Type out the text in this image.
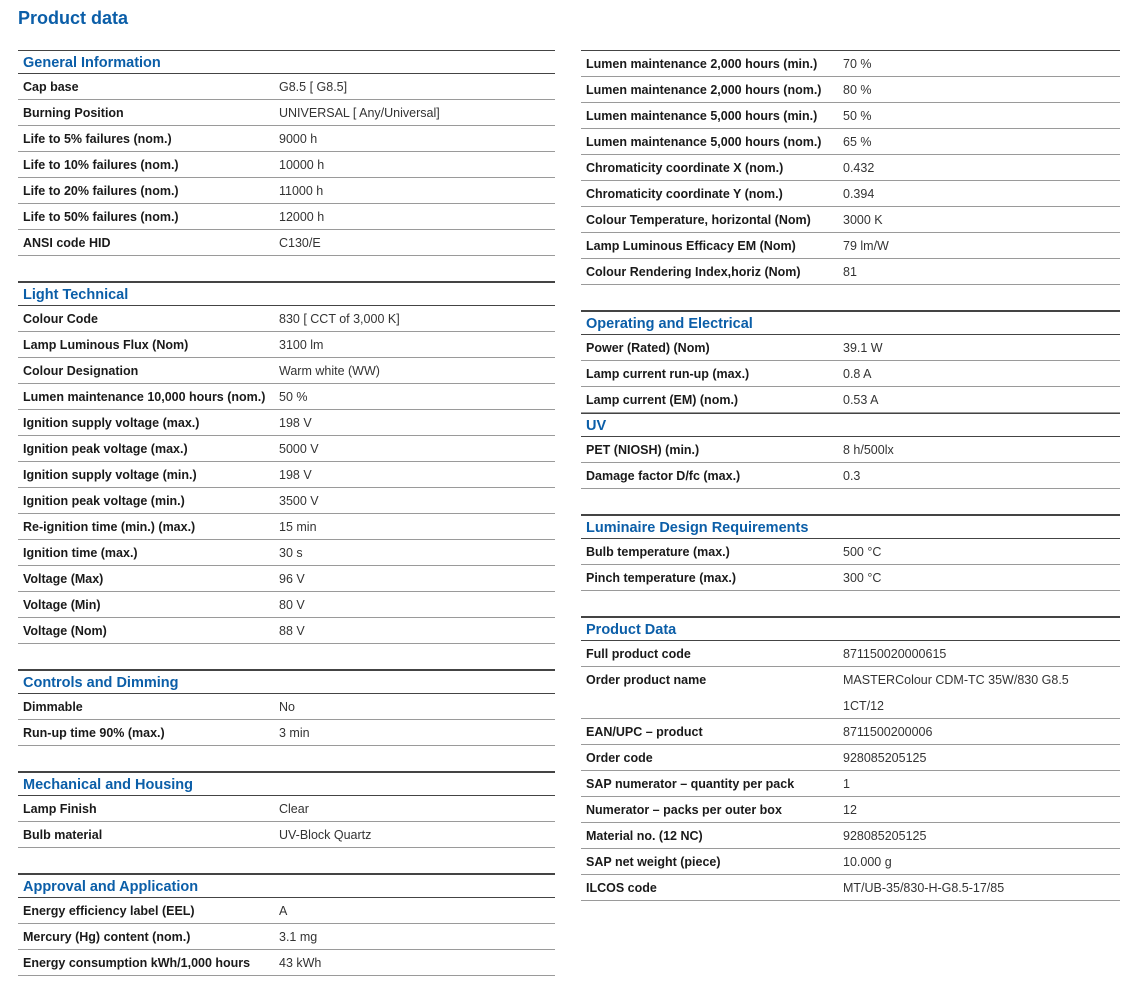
Product data
General Information
Cap base	G8.5 [ G8.5]
Burning Position	UNIVERSAL [ Any/Universal]
Life to 5% failures (nom.)	9000 h
Life to 10% failures (nom.)	10000 h
Life to 20% failures (nom.)	11000 h
Life to 50% failures (nom.)	12000 h
ANSI code HID	C130/E
Light Technical
Colour Code	830 [ CCT of 3,000 K]
Lamp Luminous Flux (Nom)	3100 lm
Colour Designation	Warm white (WW)
Lumen maintenance 10,000 hours (nom.)	50 %
Ignition supply voltage (max.)	198 V
Ignition peak voltage (max.)	5000 V
Ignition supply voltage (min.)	198 V
Ignition peak voltage (min.)	3500 V
Re-ignition time (min.) (max.)	15 min
Ignition time (max.)	30 s
Voltage (Max)	96 V
Voltage (Min)	80 V
Voltage (Nom)	88 V
Controls and Dimming
Dimmable	No
Run-up time 90% (max.)	3 min
Mechanical and Housing
Lamp Finish	Clear
Bulb material	UV-Block Quartz
Approval and Application
Energy efficiency label (EEL)	A
Mercury (Hg) content (nom.)	3.1 mg
Energy consumption kWh/1,000 hours	43 kWh
Lumen maintenance 2,000 hours (min.)	70 %
Lumen maintenance 2,000 hours (nom.)	80 %
Lumen maintenance 5,000 hours (min.)	50 %
Lumen maintenance 5,000 hours (nom.)	65 %
Chromaticity coordinate X (nom.)	0.432
Chromaticity coordinate Y (nom.)	0.394
Colour Temperature, horizontal (Nom)	3000 K
Lamp Luminous Efficacy EM (Nom)	79 lm/W
Colour Rendering Index,horiz (Nom)	81
Operating and Electrical
Power (Rated) (Nom)	39.1 W
Lamp current run-up (max.)	0.8 A
Lamp current (EM) (nom.)	0.53 A
UV
PET (NIOSH) (min.)	8 h/500lx
Damage factor D/fc (max.)	0.3
Luminaire Design Requirements
Bulb temperature (max.)	500 °C
Pinch temperature (max.)	300 °C
Product Data
Full product code	871150020000615
Order product name	MASTERColour CDM-TC 35W/830 G8.5 1CT/12
EAN/UPC – product	8711500200006
Order code	928085205125
SAP numerator – quantity per pack	1
Numerator – packs per outer box	12
Material no. (12 NC)	928085205125
SAP net weight (piece)	10.000 g
ILCOS code	MT/UB-35/830-H-G8.5-17/85
